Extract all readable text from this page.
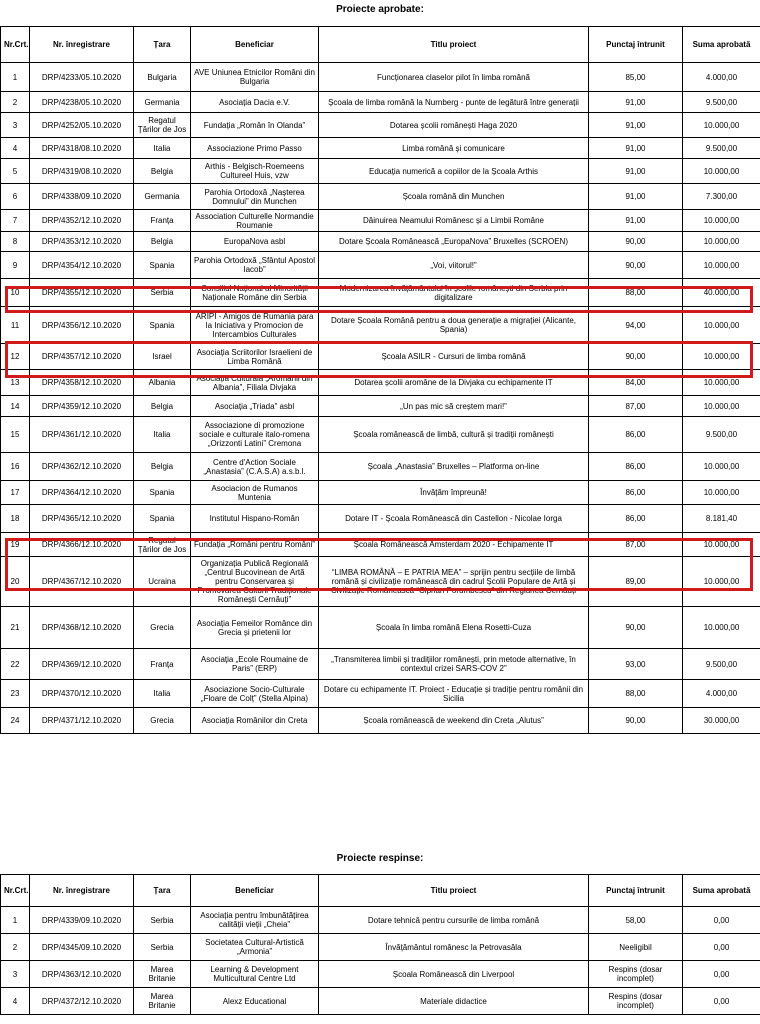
Proiecte aprobate:
Nr.Crt.	Nr. înregistrare	Țara	Beneficiar	Titlu proiect	Punctaj întrunit	Suma aprobată
1	DRP/4233/05.10.2020	Bulgaria	AVE Uniunea Etnicilor Români din Bulgaria	Funcționarea claselor pilot în limba română	85,00	4.000,00
2	DRP/4238/05.10.2020	Germania	Asociația Dacia e.V.	Școala de limba română la Nurnberg - punte de legătură între generații	91,00	9.500,00
3	DRP/4252/05.10.2020	Regatul Țărilor de Jos	Fundația „Român în Olanda”	Dotarea școlii românești Haga 2020	91,00	10.000,00
4	DRP/4318/08.10.2020	Italia	Associazione Primo Passo	Limba română și comunicare	91,00	9.500,00
5	DRP/4319/08.10.2020	Belgia	Arthis - Belgisch-Roemeens Cultureel Huis, vzw	Educația numerică a copiilor de la Școala Arthis	91,00	10.000,00
6	DRP/4338/09.10.2020	Germania	Parohia Ortodoxă „Nașterea Domnului” din Munchen	Școala română din Munchen	91,00	7.300,00
7	DRP/4352/12.10.2020	Franța	Association Culturelle Normandie Roumanie	Dăinuirea Neamului Românesc și a Limbii Române	91,00	10.000,00
8	DRP/4353/12.10.2020	Belgia	EuropaNova asbl	Dotare Școala Românească „EuropaNova” Bruxelles (SCROEN)	90,00	10.000,00
9	DRP/4354/12.10.2020	Spania	Parohia Ortodoxă „Sfântul Apostol Iacob”	„Voi, viitorul!”	90,00	10.000,00
10	DRP/4355/12.10.2020	Serbia	Consiliul Național al Minorității Naționale Române din Serbia	Modernizarea învățământului în școlile românești din Serbia prin digitalizare	88,00	40.000,00
11	DRP/4356/12.10.2020	Spania	ARIPI - Amigos de Rumania para la Iniciativa y Promocion de Intercambios Culturales	Dotare Școala Română pentru a doua generație a migrației (Alicante, Spania)	94,00	10.000,00
12	DRP/4357/12.10.2020	Israel	Asociația Scriitorilor Israelieni de Limba Română	Școala ASILR - Cursuri de limba română	90,00	10.000,00
13	DRP/4358/12.10.2020	Albania	Asociația Culturală „Aromânii din Albania”, Filiala Divjaka	Dotarea școlii aromâne de la Divjaka cu echipamente IT	84,00	10.000,00
14	DRP/4359/12.10.2020	Belgia	Asociația „Triada” asbl	„Un pas mic să creștem mari!”	87,00	10.000,00
15	DRP/4361/12.10.2020	Italia	Associazione di promozione sociale e culturale italo-romena „Orizzonti Latini” Cremona	Școala românească de limbă, cultură și tradiții românești	86,00	9.500,00
16	DRP/4362/12.10.2020	Belgia	Centre d'Action Sociale „Anastasia” (C.A.S.A) a.s.b.l.	Școala „Anastasia” Bruxelles – Platforma on-line	86,00	10.000,00
17	DRP/4364/12.10.2020	Spania	Asociacion de Rumanos Muntenia	Învățăm împreună!	86,00	10.000,00
18	DRP/4365/12.10.2020	Spania	Institutul Hispano-Român	Dotare IT - Școala Românească din Castellon - Nicolae Iorga	86,00	8.181,40
19	DRP/4366/12.10.2020	Regatul Țărilor de Jos	Fundația „Români pentru Români”	Școala Românească Amsterdam 2020 - Echipamente IT	87,00	10.000,00
20	DRP/4367/12.10.2020	Ucraina	Organizația Publică Regională „Centrul Bucovinean de Artă pentru Conservarea și Promovarea Culturii Tradiționale Românești Cernăuți”	“LIMBA ROMÂNĂ – E PATRIA MEA” – sprijin pentru secțiile de limbă română și civilizație românească din cadrul Școlii Populare de Artă și Civilizație Românească “Ciprian Porumbescu” din Regiunea Cernăuți	89,00	10.000,00
21	DRP/4368/12.10.2020	Grecia	Asociația Femeilor Românce din Grecia și prietenii lor	Școala în limba română Elena Rosetti-Cuza	90,00	10.000,00
22	DRP/4369/12.10.2020	Franța	Asociația „Ecole Roumaine de Paris” (ERP)	„Transmiterea limbii și tradițiilor românești, prin metode alternative, în contextul crizei SARS-COV 2”	93,00	9.500,00
23	DRP/4370/12.10.2020	Italia	Asociazione Socio-Culturale „Floare de Colț” (Stella Alpina)	Dotare cu echipamente IT. Proiect - Educație și tradiție pentru românii din Sicilia	88,00	4.000,00
24	DRP/4371/12.10.2020	Grecia	Asociația Românilor din Creta	Școala românească de weekend din Creta „Alutus”	90,00	30.000,00
Proiecte respinse:
Nr.Crt.	Nr. înregistrare	Țara	Beneficiar	Titlu proiect	Punctaj întrunit	Suma aprobată
1	DRP/4339/09.10.2020	Serbia	Asociația pentru îmbunătățirea calității vieții „Cheia”	Dotare tehnică pentru cursurile de limba română	58,00	0,00
2	DRP/4345/09.10.2020	Serbia	Societatea Cultural-Artistică „Armonia”	Învățământul românesc la Petrovasâla	Neeligibil	0,00
3	DRP/4363/12.10.2020	Marea Britanie	Learning & Development Multicultural Centre Ltd	Școala Românească din Liverpool	Respins (dosar incomplet)	0,00
4	DRP/4372/12.10.2020	Marea Britanie	Alexz Educational	Materiale didactice	Respins (dosar incomplet)	0,00
